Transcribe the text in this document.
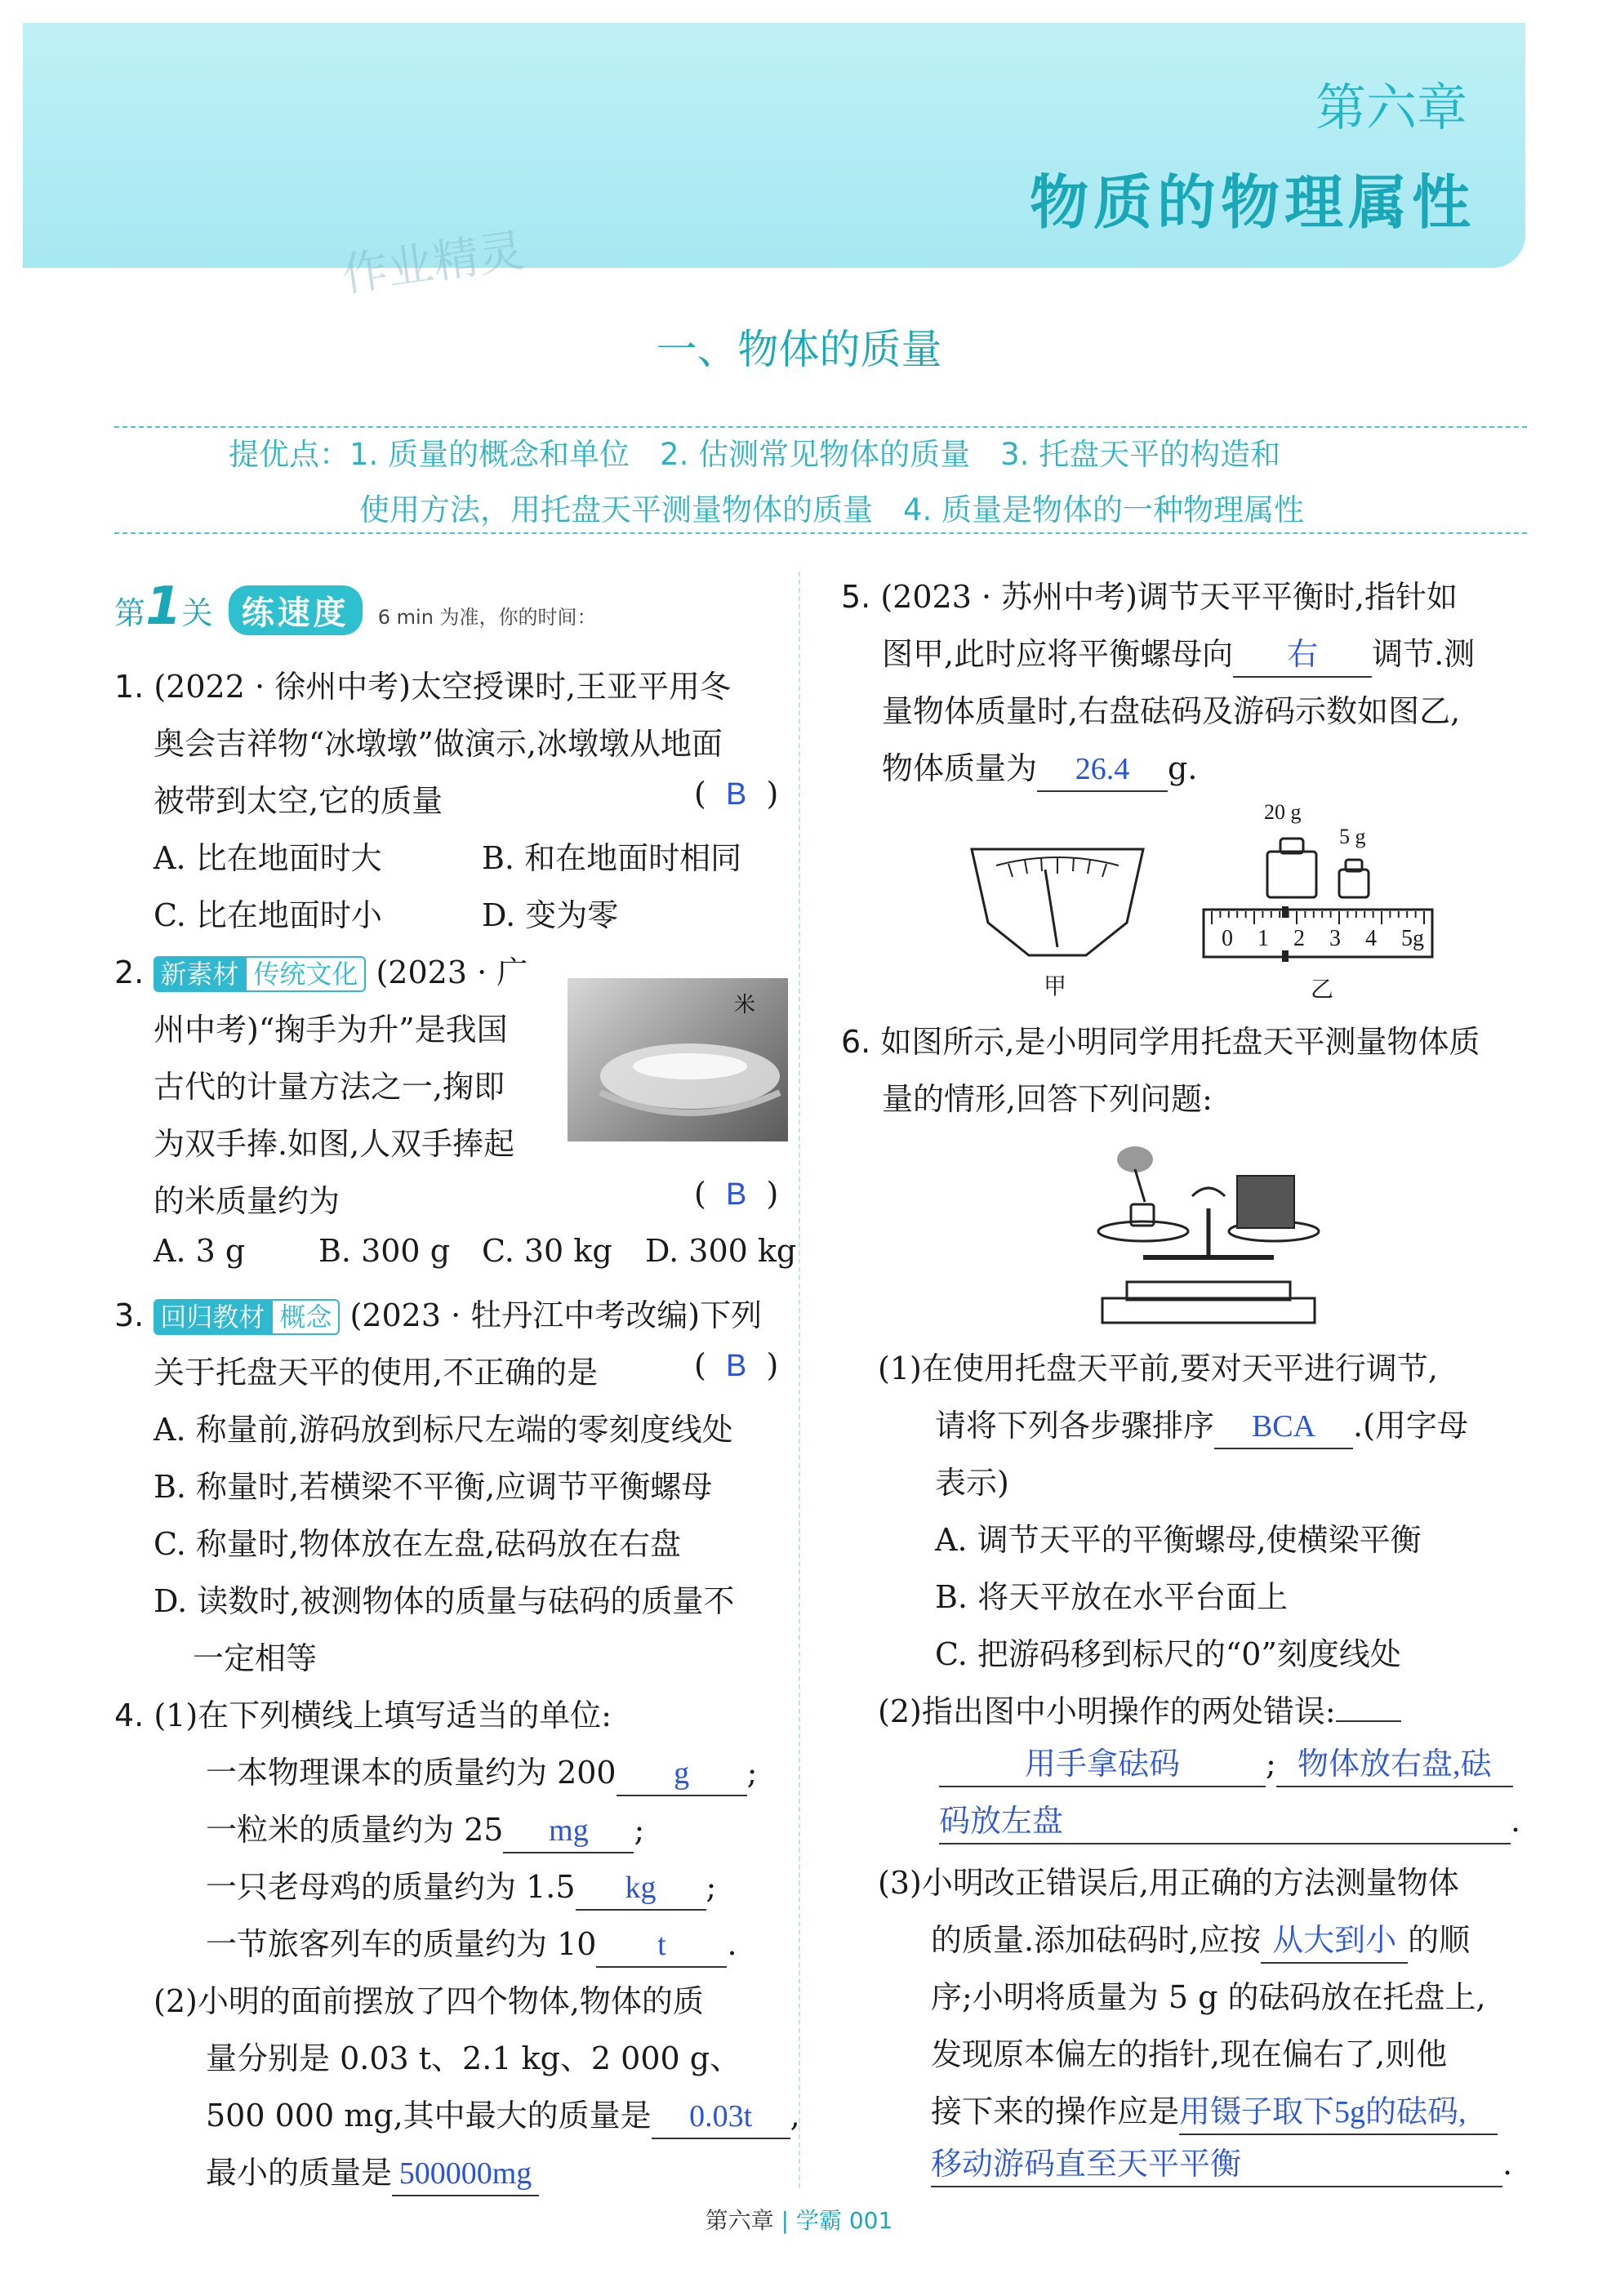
作业精灵
第六章
物质的物理属性
一、物体的质量
提优点：1. 质量的概念和单位　2. 估测常见物体的质量　3. 托盘天平的构造和
使用方法，用托盘天平测量物体的质量　4. 质量是物体的一种物理属性
第1关 练速度 6 min 为准，你的时间：
1. (2022 · 徐州中考)太空授课时,王亚平用冬
奥会吉祥物“冰墩墩”做演示,冰墩墩从地面
被带到太空,它的质量	(  B  )
A. 比在地面时大	B. 和在地面时相同
C. 比在地面时小	D. 变为零
2. 新素材 传统文化 (2023 · 广
州中考)“掬手为升”是我国
古代的计量方法之一,掬即
为双手捧.如图,人双手捧起
的米质量约为	(  B  )
米
A. 3 g B. 300 g C. 30 kg D. 300 kg
3. 回归教材 概念 (2023 · 牡丹江中考改编)下列
关于托盘天平的使用,不正确的是	(  B  )
A. 称量前,游码放到标尺左端的零刻度线处
B. 称量时,若横梁不平衡,应调节平衡螺母
C. 称量时,物体放在左盘,砝码放在右盘
D. 读数时,被测物体的质量与砝码的质量不
一定相等
4. (1)在下列横线上填写适当的单位:
一本物理课本的质量约为 200 g ;
一粒米的质量约为 25 mg ;
一只老母鸡的质量约为 1.5 kg ;
一节旅客列车的质量约为 10 t .
(2)小明的面前摆放了四个物体,物体的质
量分别是 0.03 t、2.1 kg、2 000 g、
500 000 mg,其中最大的质量是 0.03t ,
最小的质量是 500000mg
5. (2023 · 苏州中考)调节天平平衡时,指针如
图甲,此时应将平衡螺母向 右 调节.测
量物体质量时,右盘砝码及游码示数如图乙,
物体质量为 26.4 g.
甲
20 g
5 g
0 1 2 3 4 5g
乙
6. 如图所示,是小明同学用托盘天平测量物体质
量的情形,回答下列问题:
(1)在使用托盘天平前,要对天平进行调节,
请将下列各步骤排序 BCA .(用字母
表示)
A. 调节天平的平衡螺母,使横梁平衡
B. 将天平放在水平台面上
C. 把游码移到标尺的“0”刻度线处
(2)指出图中小明操作的两处错误:
用手拿砝码	; 物体放右盘,砝
码放左盘	.
(3)小明改正错误后,用正确的方法测量物体
的质量.添加砝码时,应按 从大到小 的顺
序;小明将质量为 5 g 的砝码放在托盘上,
发现原本偏左的指针,现在偏右了,则他
接下来的操作应是用镊子取下5g的砝码,
移动游码直至天平平衡	.
第六章 | 学霸 001
